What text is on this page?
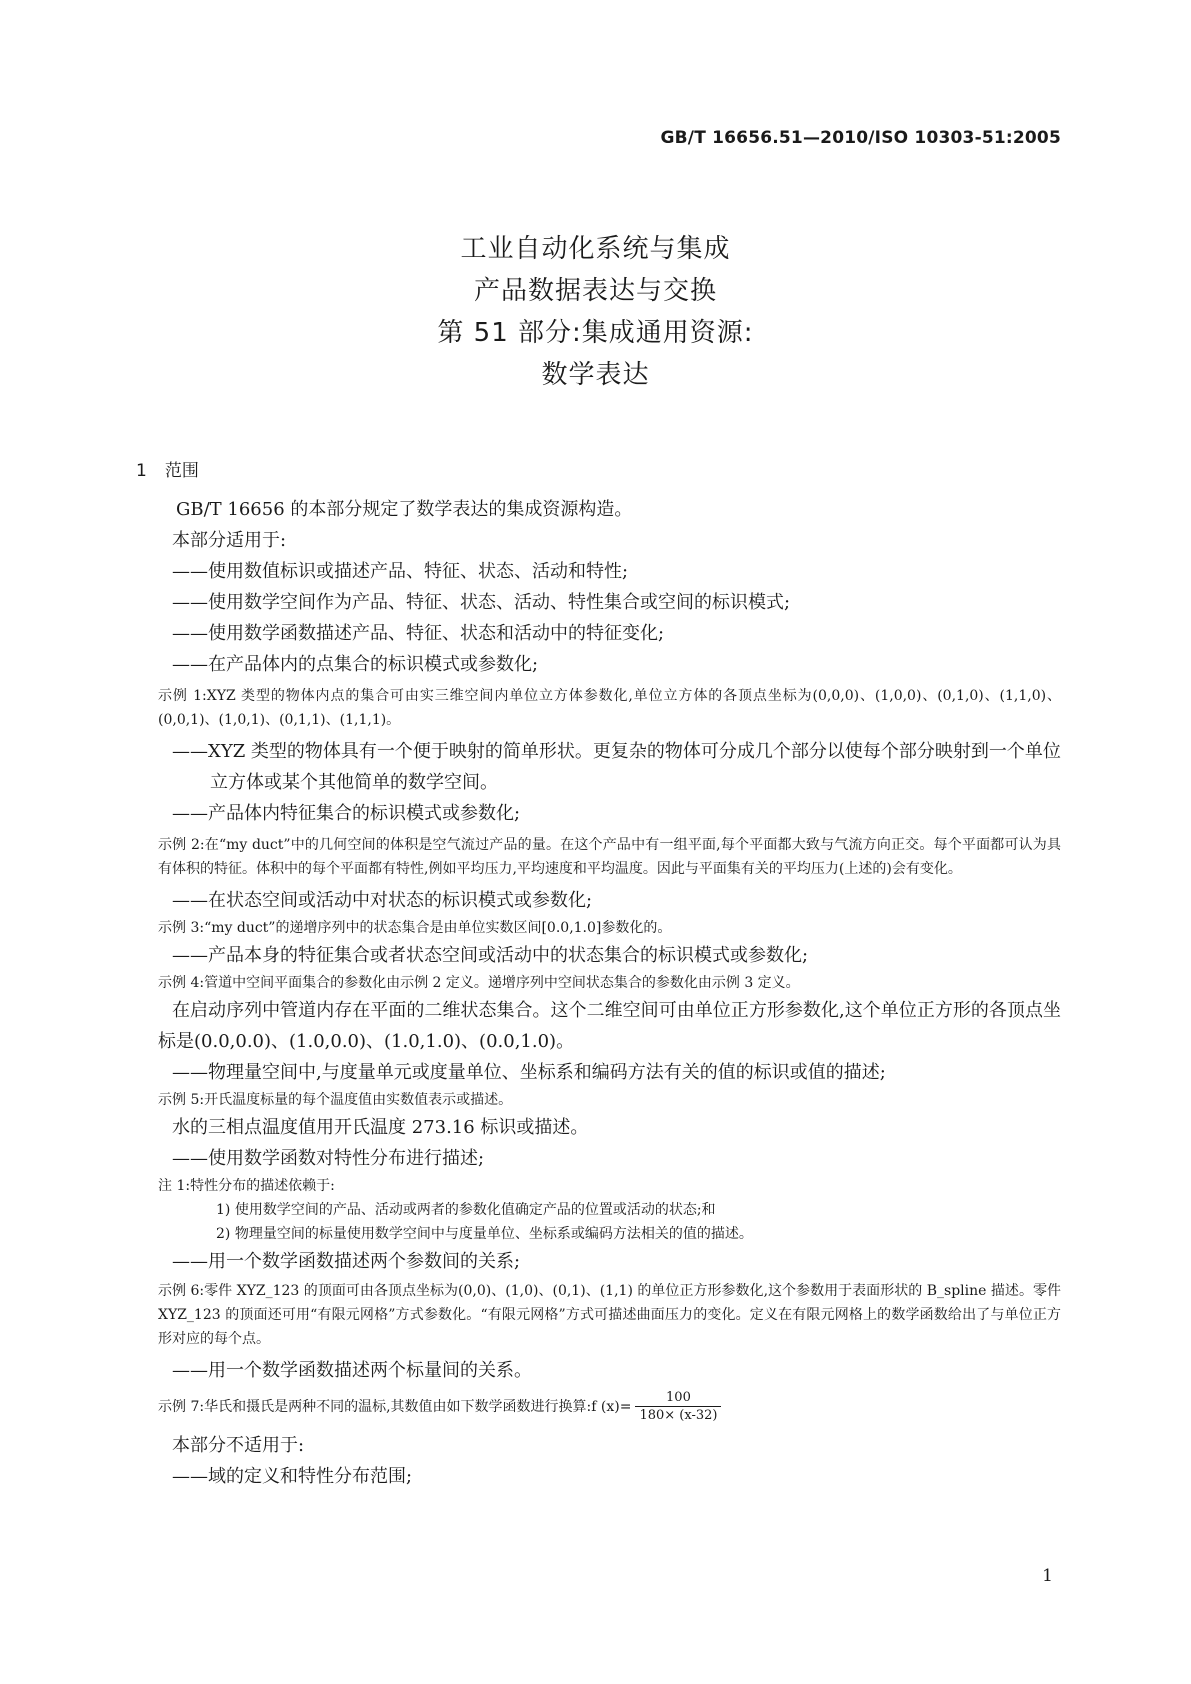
GB/T 16656.51—2010/ISO 10303-51:2005
工业自动化系统与集成
产品数据表达与交换
第 51 部分:集成通用资源:
数学表达
1 范围
GB/T 16656 的本部分规定了数学表达的集成资源构造。
本部分适用于:
——使用数值标识或描述产品、特征、状态、活动和特性;
——使用数学空间作为产品、特征、状态、活动、特性集合或空间的标识模式;
——使用数学函数描述产品、特征、状态和活动中的特征变化;
——在产品体内的点集合的标识模式或参数化;
示例 1:XYZ 类型的物体内点的集合可由实三维空间内单位立方体参数化,单位立方体的各顶点坐标为(0,0,0)、(1,0,0)、(0,1,0)、(1,1,0)、(0,0,1)、(1,0,1)、(0,1,1)、(1,1,1)。
——XYZ 类型的物体具有一个便于映射的简单形状。更复杂的物体可分成几个部分以使每个部分映射到一个单位立方体或某个其他简单的数学空间。
——产品体内特征集合的标识模式或参数化;
示例 2:在“my duct”中的几何空间的体积是空气流过产品的量。在这个产品中有一组平面,每个平面都大致与气流方向正交。每个平面都可认为具有体积的特征。体积中的每个平面都有特性,例如平均压力,平均速度和平均温度。因此与平面集有关的平均压力(上述的)会有变化。
——在状态空间或活动中对状态的标识模式或参数化;
示例 3:“my duct”的递增序列中的状态集合是由单位实数区间[0.0,1.0]参数化的。
——产品本身的特征集合或者状态空间或活动中的状态集合的标识模式或参数化;
示例 4:管道中空间平面集合的参数化由示例 2 定义。递增序列中空间状态集合的参数化由示例 3 定义。
在启动序列中管道内存在平面的二维状态集合。这个二维空间可由单位正方形参数化,这个单位正方形的各顶点坐标是(0.0,0.0)、(1.0,0.0)、(1.0,1.0)、(0.0,1.0)。
——物理量空间中,与度量单元或度量单位、坐标系和编码方法有关的值的标识或值的描述;
示例 5:开氏温度标量的每个温度值由实数值表示或描述。
水的三相点温度值用开氏温度 273.16 标识或描述。
——使用数学函数对特性分布进行描述;
注 1:特性分布的描述依赖于:
1) 使用数学空间的产品、活动或两者的参数化值确定产品的位置或活动的状态;和
2) 物理量空间的标量使用数学空间中与度量单位、坐标系或编码方法相关的值的描述。
——用一个数学函数描述两个参数间的关系;
示例 6:零件 XYZ_123 的顶面可由各顶点坐标为(0,0)、(1,0)、(0,1)、(1,1) 的单位正方形参数化,这个参数用于表面形状的 B_spline 描述。零件 XYZ_123 的顶面还可用“有限元网格”方式参数化。“有限元网格”方式可描述曲面压力的变化。定义在有限元网格上的数学函数给出了与单位正方形对应的每个点。
——用一个数学函数描述两个标量间的关系。
示例 7:华氏和摄氏是两种不同的温标,其数值由如下数学函数进行换算:f $(x)= \frac{100}{180\times (x-32)}$
本部分不适用于:
——域的定义和特性分布范围;
1
